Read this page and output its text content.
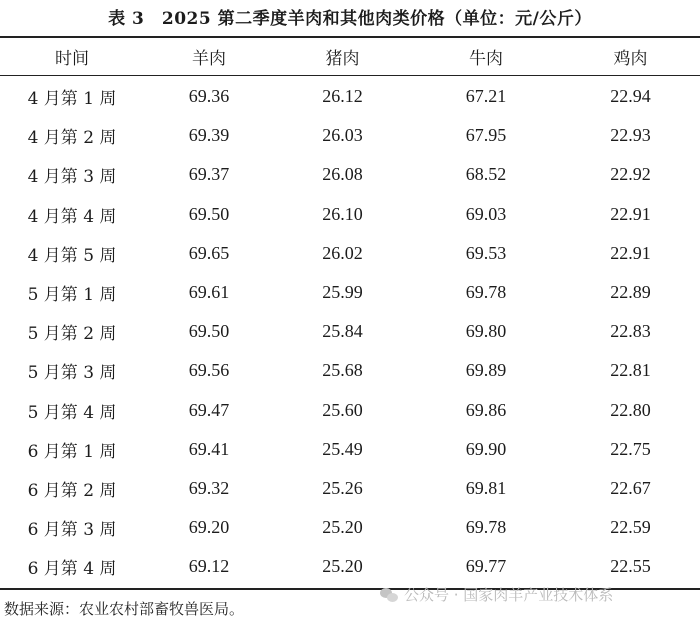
表 3　2025 第二季度羊肉和其他肉类价格（单位：元/公斤）
时间	羊肉	猪肉	牛肉	鸡肉

4 月第 1 周	69.36	26.12	67.21	22.94
4 月第 2 周	69.39	26.03	67.95	22.93
4 月第 3 周	69.37	26.08	68.52	22.92
4 月第 4 周	69.50	26.10	69.03	22.91
4 月第 5 周	69.65	26.02	69.53	22.91
5 月第 1 周	69.61	25.99	69.78	22.89
5 月第 2 周	69.50	25.84	69.80	22.83
5 月第 3 周	69.56	25.68	69.89	22.81
5 月第 4 周	69.47	25.60	69.86	22.80
6 月第 1 周	69.41	25.49	69.90	22.75
6 月第 2 周	69.32	25.26	69.81	22.67
6 月第 3 周	69.20	25.20	69.78	22.59
6 月第 4 周	69.12	25.20	69.77	22.55
数据来源：农业农村部畜牧兽医局。
公众号 · 国家肉羊产业技术体系
